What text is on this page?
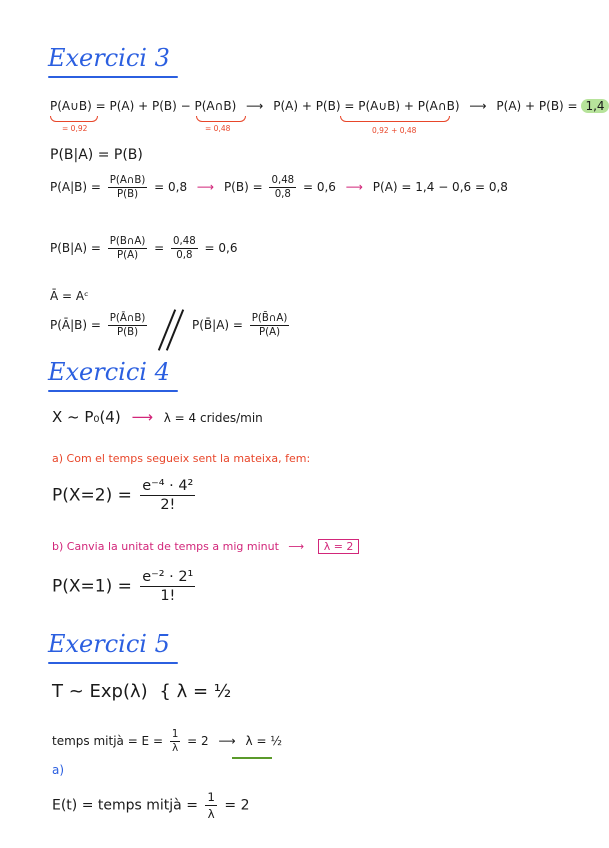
Exercici 3
P(A∪B) = P(A) + P(B) − P(A∩B) ⟶ P(A) + P(B) = P(A∪B) + P(A∩B) ⟶ P(A) + P(B) = 1,4
= 0,92	= 0,48	0,92 + 0,48
P(B|A) = P(B)
$P(A|B) = \frac{P(A\cap B)}{P(B)} = 0,8$ ⟶ $P(B) = \frac{0,48}{0,8} = 0,6$ ⟶ P(A) = 1,4 − 0,6 = 0,8
$P(B|A) = \frac{P(B\cap A)}{P(A)} = \frac{0,48}{0,8} = 0,6$
Ā = Aᶜ
P(Ā|B) = $\frac{P(Ā\cap B)}{P(B)}$	P(B̄|A) = $\frac{P(B̄\cap A)}{P(A)}$
Exercici 4
X ~ P₀(4) ⟶ λ = 4 crides/min
a) Com el temps segueix sent la mateixa, fem:
$P(X=2) = \frac{\text{e⁻⁴ · 4²}}{2!}$
b) Canvia la unitat de temps a mig minut ⟶ λ = 2
$P(X=1) = \frac{\text{e⁻² · 2¹}}{1!}$
Exercici 5
T ~ Exp(λ) { λ = ½
temps mitjà = $E = \frac{1}{\lambda} = 2$ ⟶ λ = ½
a)
E(t) = temps mitjà = $\frac{1}{\lambda} = 2$
